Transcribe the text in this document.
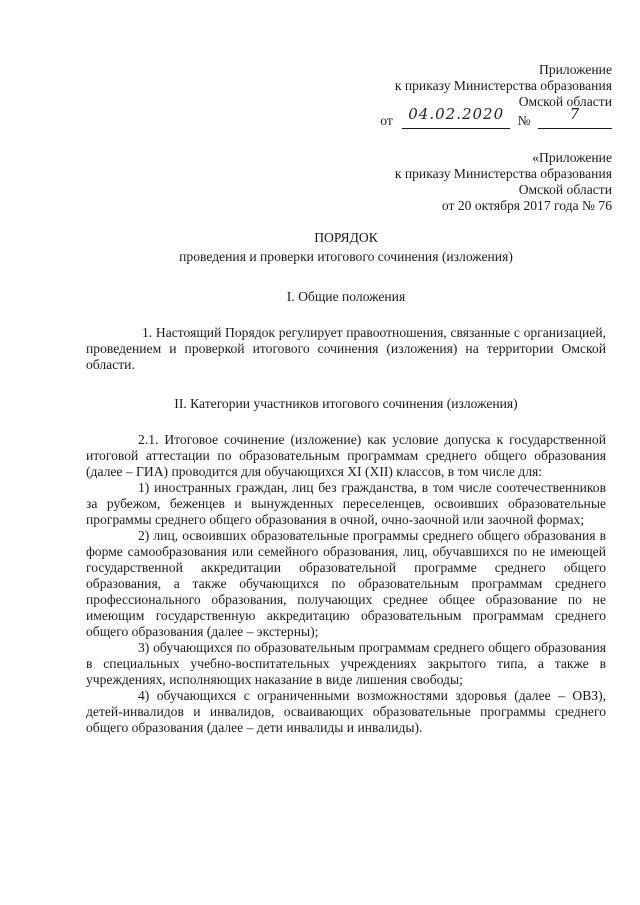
Приложение
к приказу Министерства образования
Омской области
от	04.02.2020 №	7
«Приложение
к приказу Министерства образования
Омской области
от 20 октября 2017 года № 76
ПОРЯДОК
проведения и проверки итогового сочинения (изложения)
I. Общие положения

1. Настоящий Порядок регулирует правоотношения, связанные с организацией, проведением и проверкой итогового сочинения (изложения) на территории Омской области.

II. Категории участников итогового сочинения (изложения)

2.1. Итоговое сочинение (изложение) как условие допуска к государственной итоговой аттестации по образовательным программам среднего общего образования (далее – ГИА) проводится для обучающихся XI (XII) классов, в том числе для:

1) иностранных граждан, лиц без гражданства, в том числе соотечественников за рубежом, беженцев и вынужденных переселенцев, освоивших образовательные программы среднего общего образования в очной, очно-заочной или заочной формах;

2) лиц, освоивших образовательные программы среднего общего образования в форме самообразования или семейного образования, лиц, обучавшихся по не имеющей государственной аккредитации образовательной программе среднего общего образования, а также обучающихся по образовательным программам среднего профессионального образования, получающих среднее общее образование по не имеющим государственную аккредитацию образовательным программам среднего общего образования (далее – экстерны);

3) обучающихся по образовательным программам среднего общего образования в специальных учебно-воспитательных учреждениях закрытого типа, а также в учреждениях, исполняющих наказание в виде лишения свободы;

4) обучающихся с ограниченными возможностями здоровья (далее – ОВЗ), детей-инвалидов и инвалидов, осваивающих образовательные программы среднего общего образования (далее – дети инвалиды и инвалиды).
